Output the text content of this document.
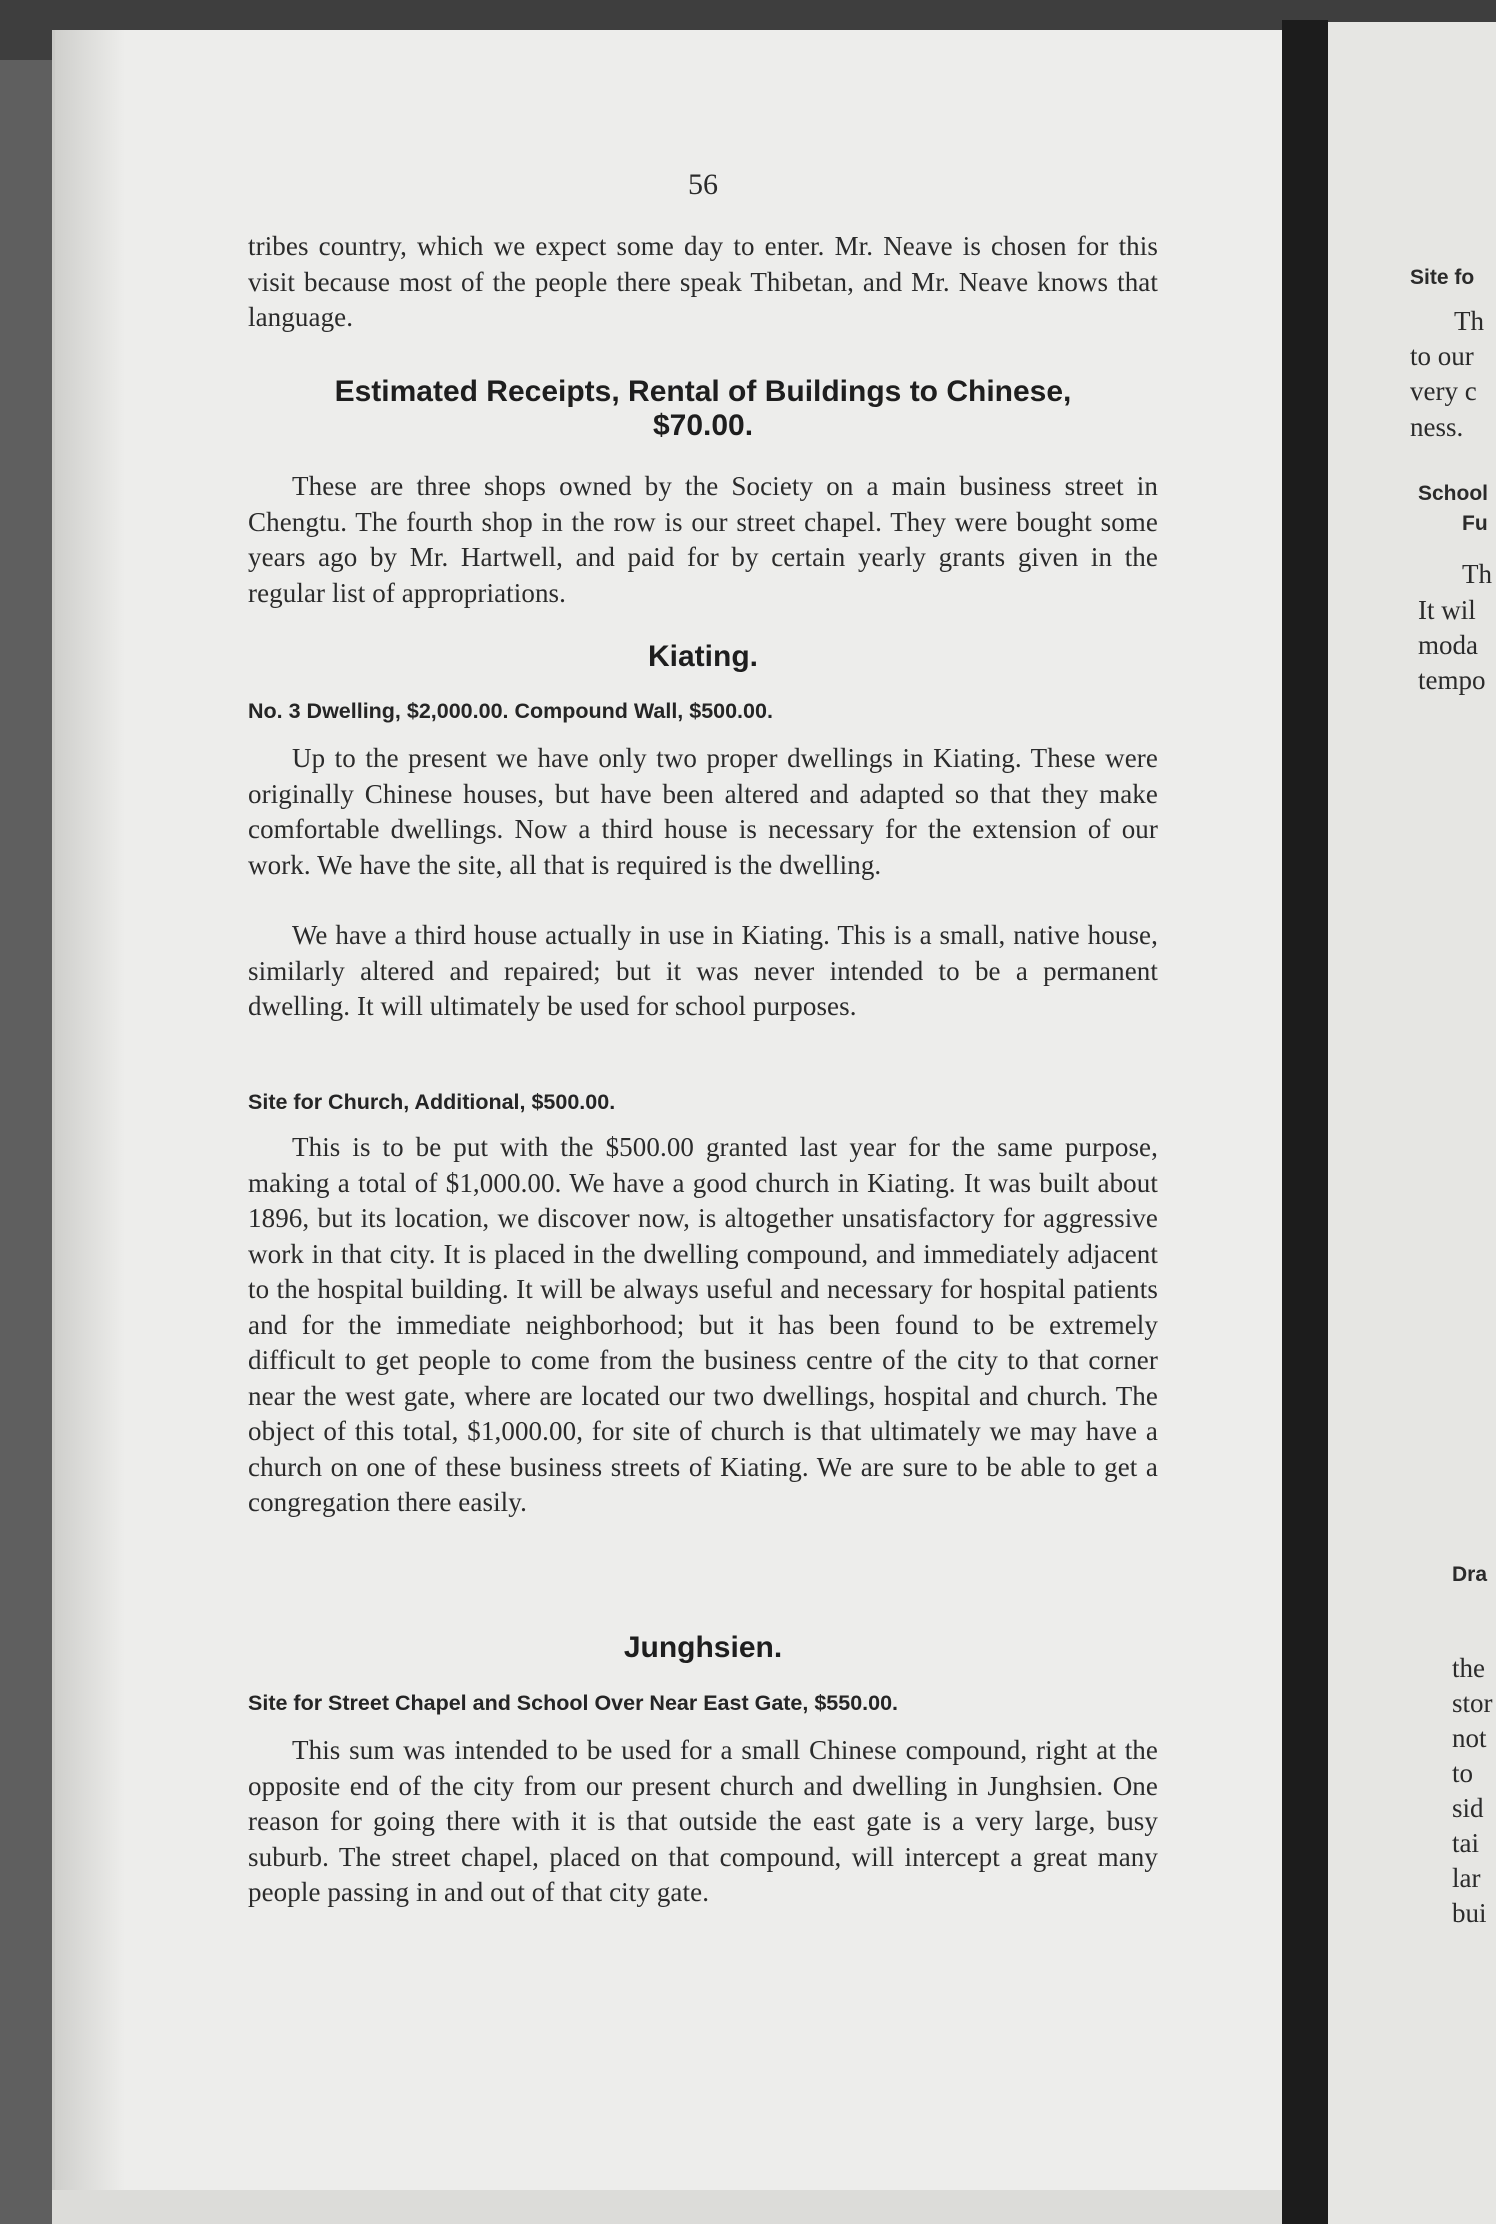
56

tribes country, which we expect some day to enter. Mr. Neave is chosen for this visit because most of the people there speak Thibetan, and Mr. Neave knows that language.

Estimated Receipts, Rental of Buildings to Chinese,
$70.00.

These are three shops owned by the Society on a main business street in Chengtu. The fourth shop in the row is our street chapel. They were bought some years ago by Mr. Hartwell, and paid for by certain yearly grants given in the regular list of appropriations.

Kiating.
No. 3 Dwelling, $2,000.00. Compound Wall, $500.00.

Up to the present we have only two proper dwellings in Kiating. These were originally Chinese houses, but have been altered and adapted so that they make comfortable dwellings. Now a third house is necessary for the extension of our work. We have the site, all that is required is the dwelling.

We have a third house actually in use in Kiating. This is a small, native house, similarly altered and repaired; but it was never intended to be a permanent dwelling. It will ultimately be used for school purposes.

Site for Church, Additional, $500.00.

This is to be put with the $500.00 granted last year for the same purpose, making a total of $1,000.00. We have a good church in Kiating. It was built about 1896, but its location, we discover now, is altogether unsatisfactory for aggressive work in that city. It is placed in the dwelling compound, and immediately adjacent to the hospital building. It will be always useful and necessary for hospital patients and for the immediate neighborhood; but it has been found to be extremely difficult to get people to come from the business centre of the city to that corner near the west gate, where are located our two dwellings, hospital and church. The object of this total, $1,000.00, for site of church is that ultimately we may have a church on one of these business streets of Kiating. We are sure to be able to get a congregation there easily.

Junghsien.
Site for Street Chapel and School Over Near East Gate, $550.00.

This sum was intended to be used for a small Chinese compound, right at the opposite end of the city from our present church and dwelling in Junghsien. One reason for going there with it is that outside the east gate is a very large, busy suburb. The street chapel, placed on that compound, will intercept a great many people passing in and out of that city gate.

Site fo
Th
to our
very c
ness.
School
Fu
Th
It wil
moda
tempo
Dra
the
stor
not
to
sid
tai
lar
bui
